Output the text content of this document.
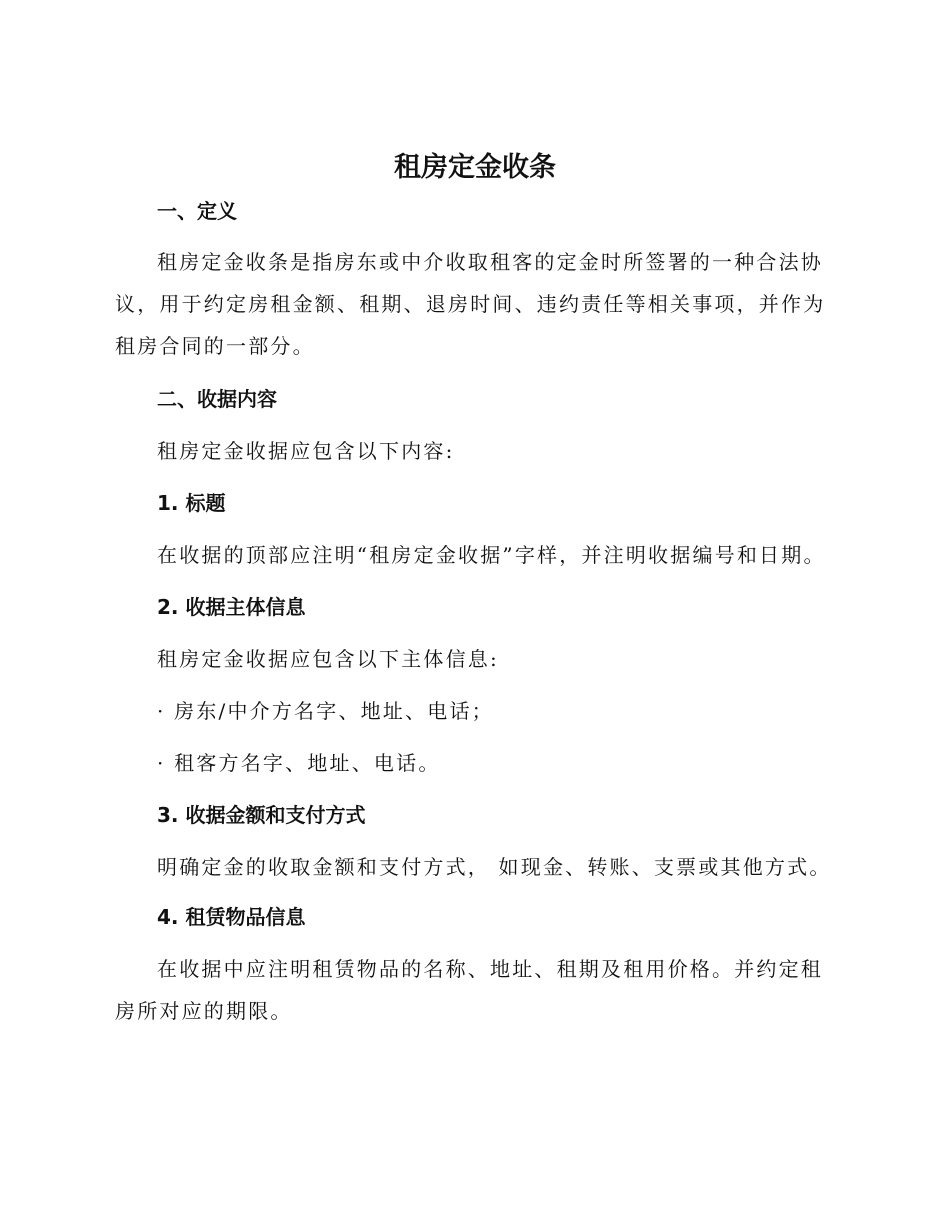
租房定金收条
一、定义

租房定金收条是指房东或中介收取租客的定金时所签署的一种合法协议，用于约定房租金额、租期、退房时间、违约责任等相关事项，并作为租房合同的一部分。

二、收据内容

租房定金收据应包含以下内容:

1. 标题

在收据的顶部应注明“租房定金收据”字样，并注明收据编号和日期。

2. 收据主体信息

租房定金收据应包含以下主体信息:

· 房东/中介方名字、地址、电话；

· 租客方名字、地址、电话。

3. 收据金额和支付方式

明确定金的收取金额和支付方式， 如现金、转账、支票或其他方式。

4. 租赁物品信息

在收据中应注明租赁物品的名称、地址、租期及租用价格。并约定租房所对应的期限。
